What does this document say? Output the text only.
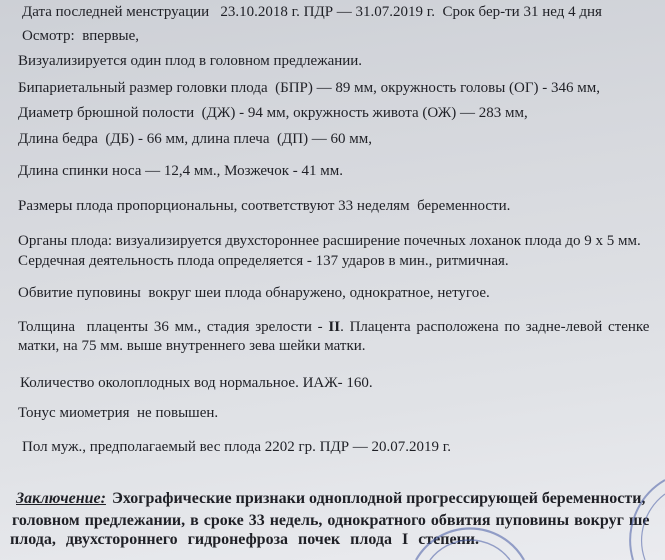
Дата последней менструации   23.10.2018 г. ПДР — 31.07.2019 г.  Срок бер-ти 31 нед 4 дня
Осмотр:  впервые,
Визуализируется один плод в головном предлежании.
Бипариетальный размер головки плода  (БПР) — 89 мм, окружность головы (ОГ) - 346 мм,
Диаметр брюшной полости  (ДЖ) - 94 мм, окружность живота (ОЖ) — 283 мм,
Длина бедра  (ДБ) - 66 мм, длина плеча  (ДП) — 60 мм,
Длина спинки носа — 12,4 мм., Мозжечок - 41 мм.
Размеры плода пропорциональны, соответствуют 33 неделям  беременности.
Органы плода: визуализируется двухстороннее расширение почечных лоханок плода до 9 х 5 мм.
Сердечная деятельность плода определяется - 137 ударов в мин., ритмичная.
Обвитие пуповины  вокруг шеи плода обнаружено, однократное, нетугое.
Толщина  плаценты 36 мм., стадия зрелости - II. Плацента расположена по задне-левой стенке
матки, на 75 мм. выше внутреннего зева шейки матки.
Количество околоплодных вод нормальное. ИАЖ- 160.
Тонус миометрия  не повышен.
Пол муж., предполагаемый вес плода 2202 гр. ПДР — 20.07.2019 г.
Заключение: Эхографические признаки одноплодной прогрессирующей беременности,
головном предлежании, в сроке 33 недель, однократного обвития пуповины вокруг ше
плода, двухстороннего гидронефроза почек плода I степени.
